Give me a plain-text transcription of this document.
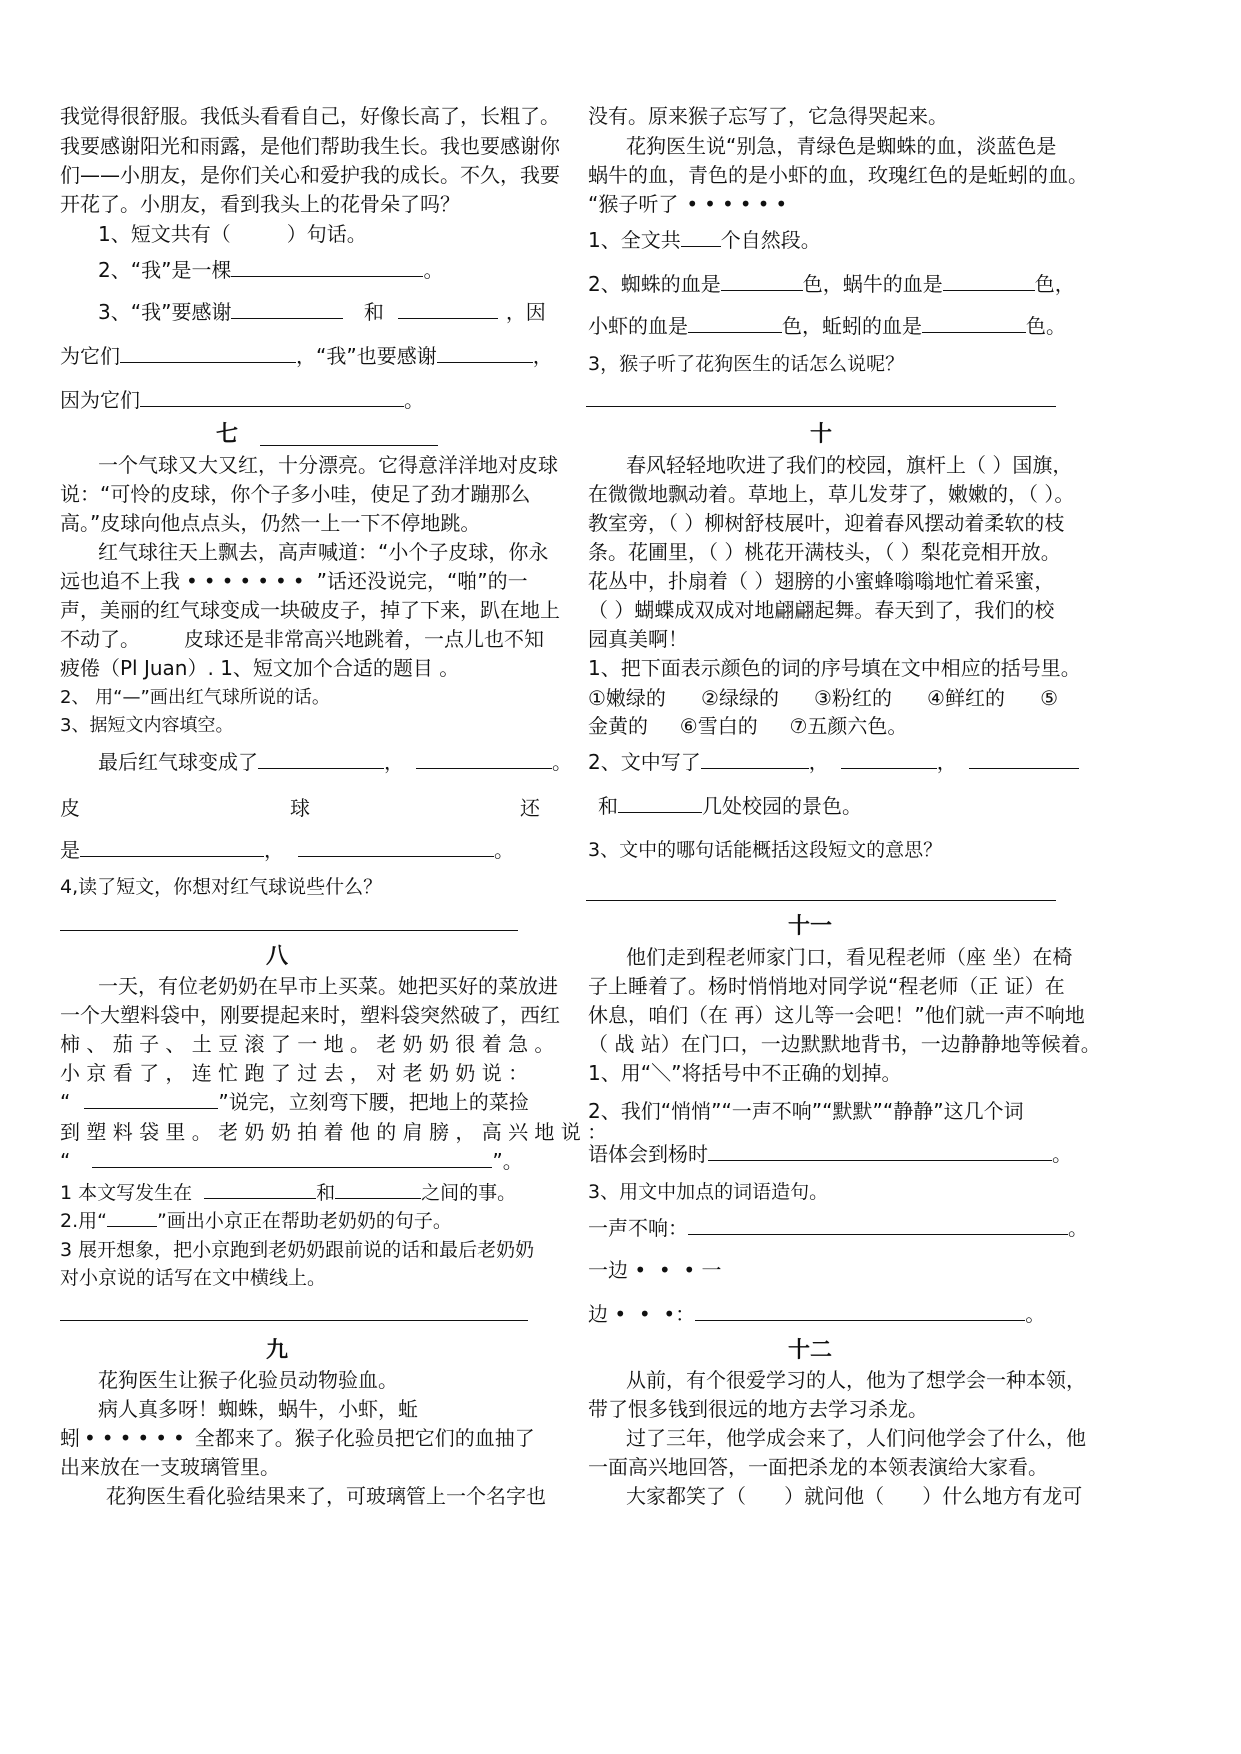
我觉得很舒服。我低头看看自己，好像长高了，长粗了。
我要感谢阳光和雨露，是他们帮助我生长。我也要感谢你
们——小朋友，是你们关心和爱护我的成长。不久，我要
开花了。小朋友，看到我头上的花骨朵了吗？
1、短文共有（	）句话。
2、“我”是一棵	。
3、“我”要感谢	和	，因
为它们	，“我”也要感谢	，
因为它们	。
七
一个气球又大又红，十分漂亮。它得意洋洋地对皮球
说：“可怜的皮球，你个子多小哇，使足了劲才蹦那么
高。”皮球向他点点头，仍然一上一下不停地跳。
红气球往天上飘去，高声喊道：“小个子皮球，你永
远也追不上我 ••••••• ”话还没说完，“啪”的一
声，美丽的红气球变成一块破皮子，掉了下来，趴在地上
不动了。 皮球还是非常高兴地跳着，一点儿也不知
疲倦（Pl Juan）. 1、短文加个合适的题目 。
2、 用“—”画出红气球所说的话。
3、据短文内容填空。
最后红气球变成了	，	。
皮	球	还
是	，	。
4,读了短文，你想对红气球说些什么？
八
一天，有位老奶奶在早市上买菜。她把买好的菜放进
一个大塑料袋中，刚要提起来时，塑料袋突然破了，西红
柿 、 茄 子 、 土 豆 滚 了 一 地 。 老 奶 奶 很 着 急 。
小 京 看 了 ， 连 忙 跑 了 过 去 ， 对 老 奶 奶 说 ：
“	”说完，立刻弯下腰，把地上的菜捡
到 塑 料 袋 里 。 老 奶 奶 拍 着 他 的 肩 膀 ， 高 兴 地 说 ：
“	”。
1 本文写发生在	和	之间的事。
2.用“	”画出小京正在帮助老奶奶的句子。
3 展开想象，把小京跑到老奶奶跟前说的话和最后老奶奶
对小京说的话写在文中横线上。
九
花狗医生让猴子化验员动物验血。
病人真多呀！蜘蛛，蜗牛，小虾，蚯
蚓 •••••• 全都来了。猴子化验员把它们的血抽了
出来放在一支玻璃管里。
花狗医生看化验结果来了，可玻璃管上一个名字也
没有。原来猴子忘写了，它急得哭起来。
花狗医生说“别急，青绿色是蜘蛛的血，淡蓝色是
蜗牛的血，青色的是小虾的血，玫瑰红色的是蚯蚓的血。
“猴子听了 ••••••
1、全文共 个自然段。
2、蜘蛛的血是	色，蜗牛的血是	色，
小虾的血是	色，蚯蚓的血是	色。
3，猴子听了花狗医生的话怎么说呢？
十
春风轻轻地吹进了我们的校园，旗杆上（ ）国旗，
在微微地飘动着。草地上，草儿发芽了，嫩嫩的，（ ）。
教室旁，（ ）柳树舒枝展叶，迎着春风摆动着柔软的枝
条。花圃里，（ ）桃花开满枝头，（ ）梨花竞相开放。
花丛中，扑扇着（ ）翅膀的小蜜蜂嗡嗡地忙着采蜜，
（ ）蝴蝶成双成对地翩翩起舞。春天到了，我们的校
园真美啊！
1、把下面表示颜色的词的序号填在文中相应的括号里。
①嫩绿的 ②绿绿的 ③粉红的 ④鲜红的 ⑤
金黄的     ⑥雪白的     ⑦五颜六色。
2、文中写了	，	，
和	几处校园的景色。
3、文中的哪句话能概括这段短文的意思？
十一
他们走到程老师家门口，看见程老师（座 坐）在椅
子上睡着了。杨时悄悄地对同学说“程老师（正 证）在
休息，咱们（在 再）这儿等一会吧！”他们就一声不响地
（ 战 站）在门口，一边默默地背书，一边静静地等候着。
1、用“＼”将括号中不正确的划掉。
2、我们“悄悄”“一声不响”“默默”“静静”这几个词
语体会到杨时	。
3、用文中加点的词语造句。
一声不响：	。
一边 •  •  • 一
边 •  •  •：	。
十二
从前，有个很爱学习的人，他为了想学会一种本领，
带了恨多钱到很远的地方去学习杀龙。
过了三年，他学成会来了，人们问他学会了什么，他
一面高兴地回答，一面把杀龙的本领表演给大家看。
大家都笑了（      ）就问他（      ）什么地方有龙可
